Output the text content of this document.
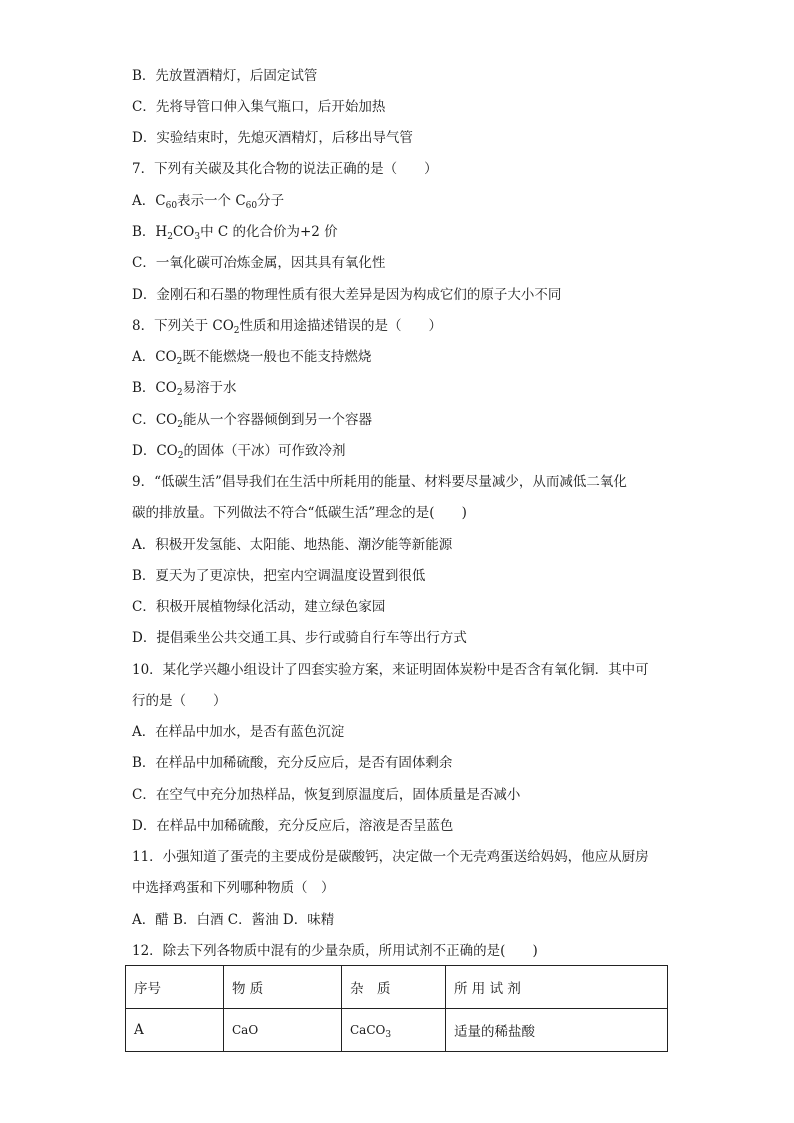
B．先放置酒精灯，后固定试管
C．先将导管口伸入集气瓶口，后开始加热
D．实验结束时，先熄灭酒精灯，后移出导气管
7．下列有关碳及其化合物的说法正确的是（　　）
A．$C_{60}$表示一个 $C_{60}$分子
B．$H_2CO_3$中 C 的化合价为+2 价
C．一氧化碳可冶炼金属，因其具有氧化性
D．金刚石和石墨的物理性质有很大差异是因为构成它们的原子大小不同
8．下列关于 $CO_2$性质和用途描述错误的是（　　）
A．$CO_2$既不能燃烧一般也不能支持燃烧
B．$CO_2$易溶于水
C．$CO_2$能从一个容器倾倒到另一个容器
D．$CO_2$的固体（干冰）可作致冷剂
9．“低碳生活”倡导我们在生活中所耗用的能量、材料要尽量减少，从而减低二氧化
碳的排放量。下列做法不符合“低碳生活”理念的是(　　)
A．积极开发氢能、太阳能、地热能、潮汐能等新能源
B．夏天为了更凉快，把室内空调温度设置到很低
C．积极开展植物绿化活动，建立绿色家园
D．提倡乘坐公共交通工具、步行或骑自行车等出行方式
10．某化学兴趣小组设计了四套实验方案，来证明固体炭粉中是否含有氧化铜．其中可
行的是（　　）
A．在样品中加水，是否有蓝色沉淀
B．在样品中加稀硫酸，充分反应后，是否有固体剩余
C．在空气中充分加热样品，恢复到原温度后，固体质量是否减小
D．在样品中加稀硫酸，充分反应后，溶液是否呈蓝色
11．小强知道了蛋壳的主要成份是碳酸钙，决定做一个无壳鸡蛋送给妈妈，他应从厨房
中选择鸡蛋和下列哪种物质（　）
A．醋 B．白酒 C．酱油 D．味精
12．除去下列各物质中混有的少量杂质，所用试剂不正确的是(　　)
序号	物 质	杂　质	所 用 试 剂
A	CaO	CaCO$_3$	适量的稀盐酸
